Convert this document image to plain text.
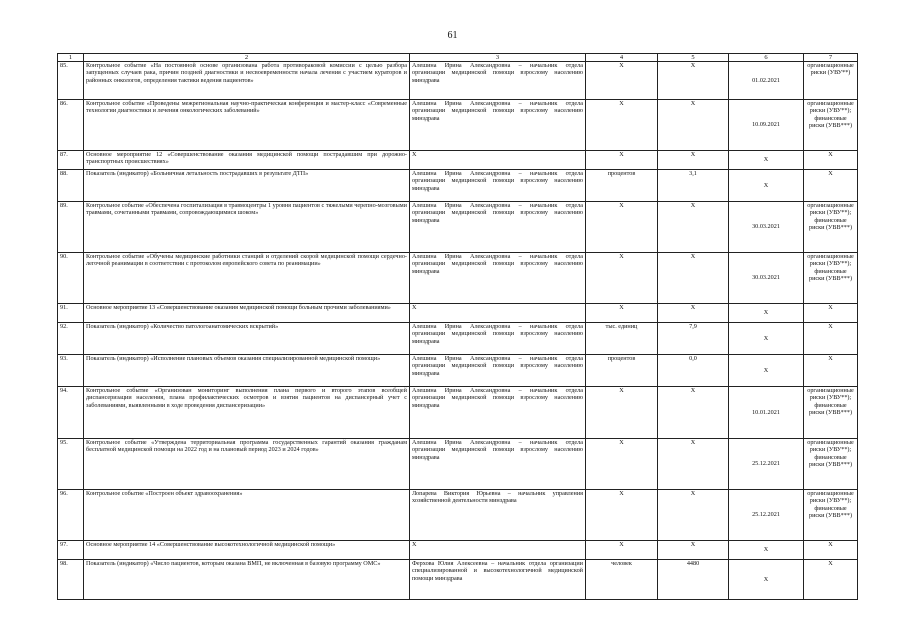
61
1	2	3	4	5	6	7
85.	Контрольное событие «На постоянной основе организована работа противораковой комиссии с целью разбора запущенных случаев рака, причин поздней диагностики и несвоевременности начала лечения с участием кураторов и районных онкологов, определения тактики ведения пациентов»	Алешина Ирина Александровна – начальник отдела организации медицинской помощи взрослому населению минздрава	X	X	01.02.2021	организационные риски (УВУ**)
86.	Контрольное событие «Проведены межрегиональная научно-практическая конференция и мастер-класс «Современные технологии диагностики и лечения онкологических заболеваний»	Алешина Ирина Александровна – начальник отдела организации медицинской помощи взрослому населению минздрава	X	X	10.09.2021	организационные риски (УВУ**); финансовые риски (УВВ***)
87.	Основное мероприятие 12 «Совершенствование оказания медицинской помощи пострадавшим при дорожно-транспортных происшествиях»	X	X	X	X	X
88.	Показатель (индикатор) «Больничная летальность пострадавших в результате ДТП»	Алешина Ирина Александровна – начальник отдела организации медицинской помощи взрослому населению минздрава	процентов	3,1	X	X
89.	Контрольное событие «Обеспечена госпитализация в травмоцентры 1 уровня пациентов с тяжелыми черепно-мозговыми травмами, сочетанными травмами, сопровождающимися шоком»	Алешина Ирина Александровна – начальник отдела организации медицинской помощи взрослому населению минздрава	X	X	30.03.2021	организационные риски (УВУ**); финансовые риски (УВВ***)
90.	Контрольное событие «Обучены медицинские работники станций и отделений скорой медицинской помощи сердечно-легочной реанимации в соответствии с протоколом европейского совета по реанимации»	Алешина Ирина Александровна – начальник отдела организации медицинской помощи взрослому населению минздрава	X	X	30.03.2021	организационные риски (УВУ**); финансовые риски (УВВ***)
91.	Основное мероприятие 13 «Совершенствование оказания медицинской помощи больным прочими заболеваниями»	X	X	X	X	X
92.	Показатель (индикатор) «Количество патологоанатомических вскрытий»	Алешина Ирина Александровна – начальник отдела организации медицинской помощи взрослому населению минздрава	тыс. единиц	7,9	X	X
93.	Показатель (индикатор) «Исполнение плановых объемов оказания специализированной медицинской помощи»	Алешина Ирина Александровна – начальник отдела организации медицинской помощи взрослому населению минздрава	процентов	0,0	X	X
94.	Контрольное событие «Организован мониторинг выполнения плана первого и второго этапов всеобщей диспансеризации населения, плана профилактических осмотров и взятия пациентов на диспансерный учет с заболеваниями, выявленными в ходе проведения диспансеризации»	Алешина Ирина Александровна – начальник отдела организации медицинской помощи взрослому населению минздрава	X	X	10.01.2021	организационные риски (УВУ**); финансовые риски (УВВ***)
95.	Контрольное событие «Утверждена территориальная программа государственных гарантий оказания гражданам бесплатной медицинской помощи на 2022 год и на плановый период 2023 и 2024 годов»	Алешина Ирина Александровна – начальник отдела организации медицинской помощи взрослому населению минздрава	X	X	25.12.2021	организационные риски (УВУ**); финансовые риски (УВВ***)
96.	Контрольное событие «Построен объект здравоохранения»	Лопарева Виктория Юрьевна – начальник управления хозяйственной деятельности минздрава	X	X	25.12.2021	организационные риски (УВУ**); финансовые риски (УВВ***)
97.	Основное мероприятие 14 «Совершенствование высокотехнологичной медицинской помощи»	X	X	X	X	X
98.	Показатель (индикатор) «Число пациентов, которым оказана ВМП, не включенная в базовую программу ОМС»	Ферхова Юлия Алексеевна – начальник отдела организации специализированной и высокотехнологичной медицинской помощи минздрава	человек	4480	X	X
